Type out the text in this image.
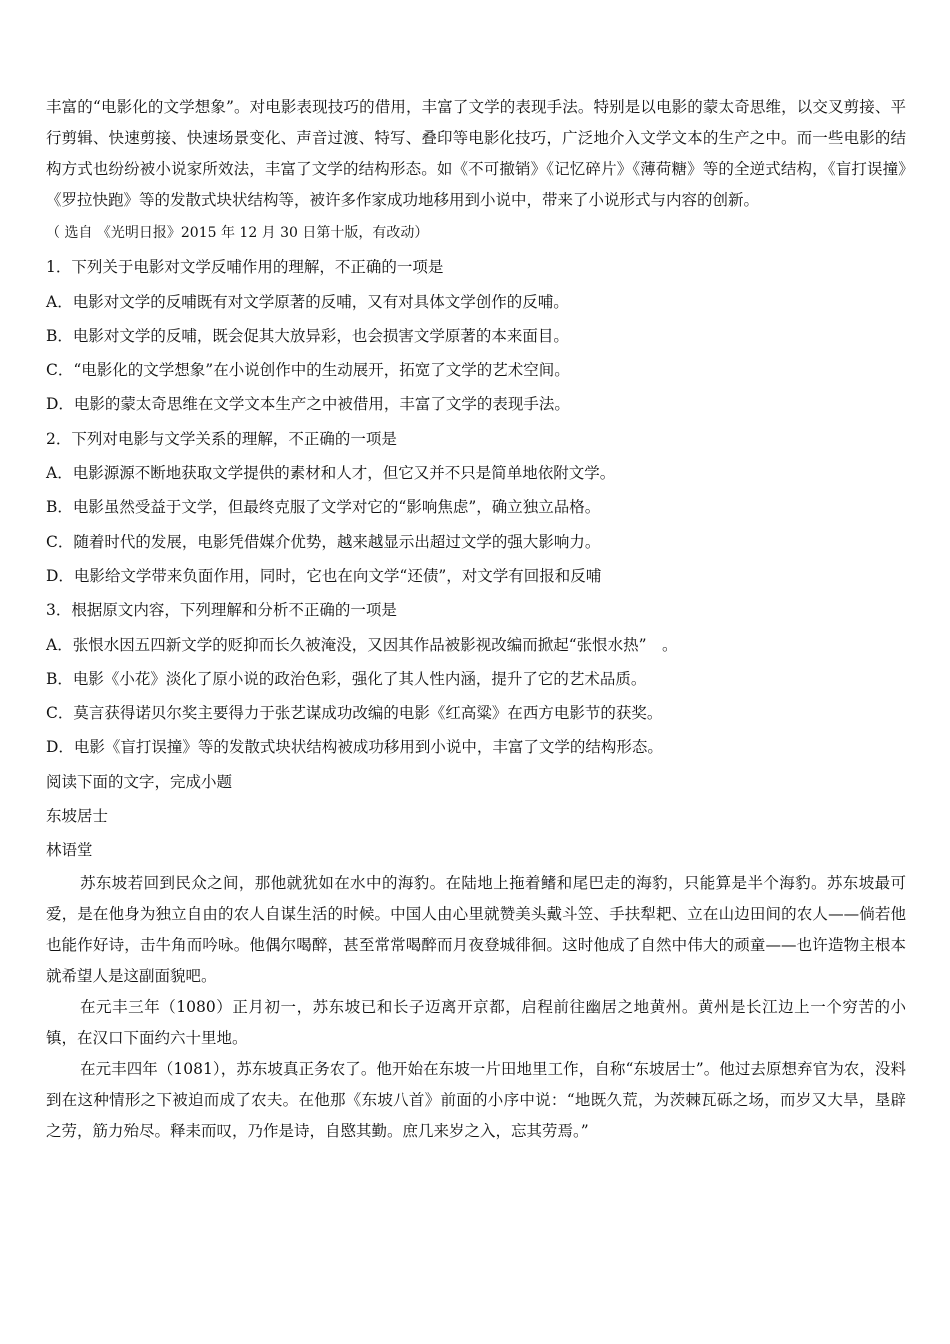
丰富的“电影化的文学想象”。对电影表现技巧的借用，丰富了文学的表现手法。特别是以电影的蒙太奇思维，以交叉剪接、平行剪辑、快速剪接、快速场景变化、声音过渡、特写、叠印等电影化技巧，广泛地介入文学文本的生产之中。而一些电影的结构方式也纷纷被小说家所效法，丰富了文学的结构形态。如《不可撤销》《记忆碎片》《薄荷糖》等的全逆式结构，《盲打误撞》《罗拉快跑》等的发散式块状结构等，被许多作家成功地移用到小说中，带来了小说形式与内容的创新。

（ 选自 《光明日报》2015 年 12 月 30 日第十版，有改动）

1．下列关于电影对文学反哺作用的理解，不正确的一项是

A．电影对文学的反哺既有对文学原著的反哺，又有对具体文学创作的反哺。

B．电影对文学的反哺，既会促其大放异彩，也会损害文学原著的本来面目。

C．“电影化的文学想象”在小说创作中的生动展开，拓宽了文学的艺术空间。

D．电影的蒙太奇思维在文学文本生产之中被借用，丰富了文学的表现手法。

2．下列对电影与文学关系的理解，不正确的一项是

A．电影源源不断地获取文学提供的素材和人才，但它又并不只是简单地依附文学。

B．电影虽然受益于文学，但最终克服了文学对它的“影响焦虑”，确立独立品格。

C．随着时代的发展，电影凭借媒介优势，越来越显示出超过文学的强大影响力。

D．电影给文学带来负面作用，同时，它也在向文学“还债”，对文学有回报和反哺

3．根据原文内容，下列理解和分析不正确的一项是

A．张恨水因五四新文学的贬抑而长久被淹没，又因其作品被影视改编而掀起“张恨水热”　。

B．电影《小花》淡化了原小说的政治色彩，强化了其人性内涵，提升了它的艺术品质。

C．莫言获得诺贝尔奖主要得力于张艺谋成功改编的电影《红高粱》在西方电影节的获奖。

D．电影《盲打误撞》等的发散式块状结构被成功移用到小说中，丰富了文学的结构形态。

阅读下面的文字，完成小题

东坡居士

林语堂

苏东坡若回到民众之间，那他就犹如在水中的海豹。在陆地上拖着鳍和尾巴走的海豹，只能算是半个海豹。苏东坡最可爱，是在他身为独立自由的农人自谋生活的时候。中国人由心里就赞美头戴斗笠、手扶犁耙、立在山边田间的农人——倘若他也能作好诗，击牛角而吟咏。他偶尔喝醉，甚至常常喝醉而月夜登城徘徊。这时他成了自然中伟大的顽童——也许造物主根本就希望人是这副面貌吧。

在元丰三年（1080）正月初一，苏东坡已和长子迈离开京都，启程前往幽居之地黄州。黄州是长江边上一个穷苦的小镇，在汉口下面约六十里地。

在元丰四年（1081），苏东坡真正务农了。他开始在东坡一片田地里工作，自称“东坡居士”。他过去原想弃官为农，没料到在这种情形之下被迫而成了农夫。在他那《东坡八首》前面的小序中说：“地既久荒，为茨棘瓦砾之场，而岁又大旱，垦辟之劳，筋力殆尽。释耒而叹，乃作是诗，自愍其勤。庶几来岁之入，忘其劳焉。”
